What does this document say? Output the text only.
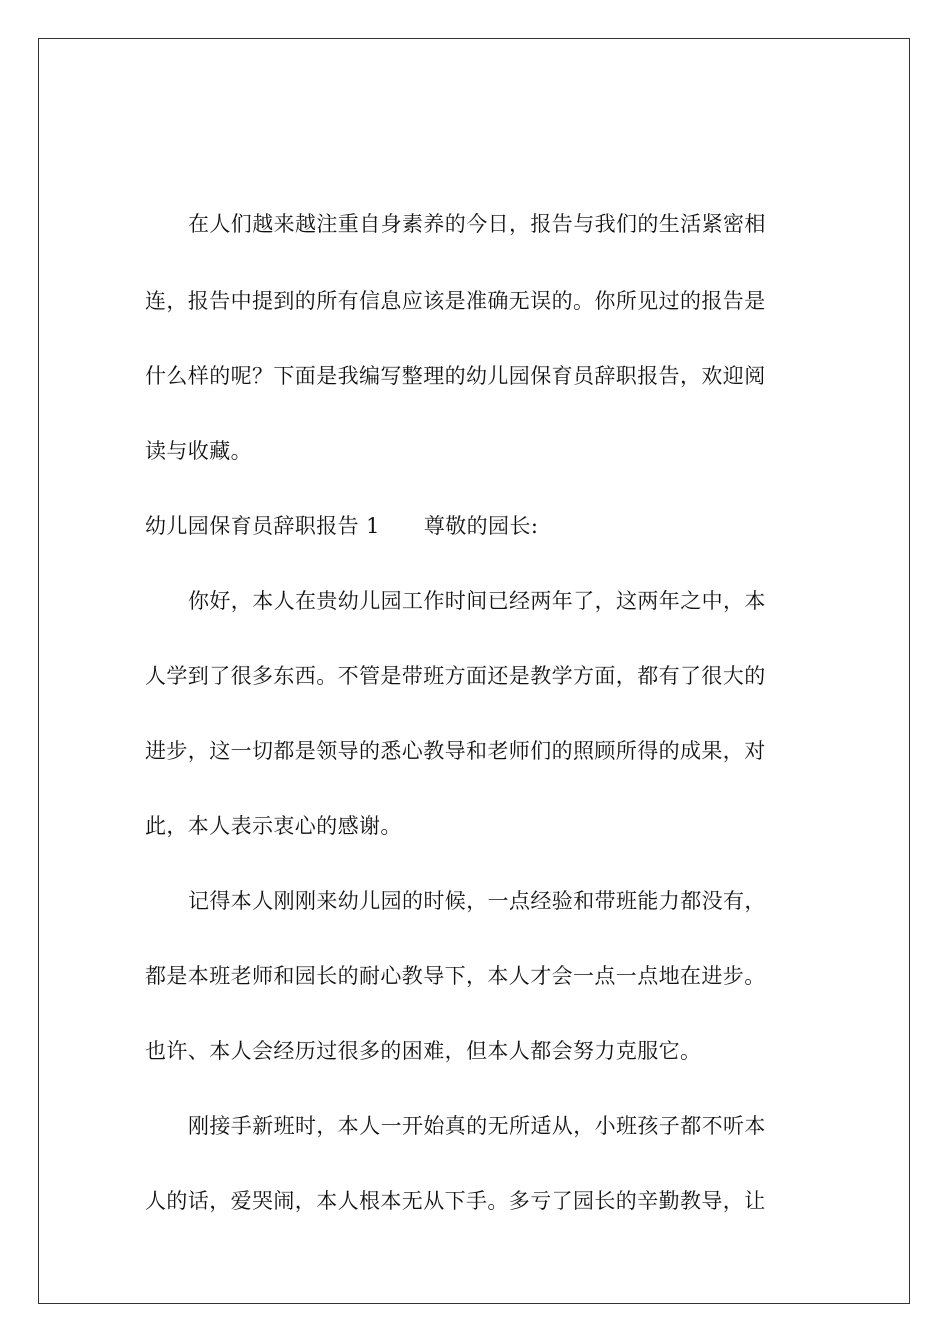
在人们越来越注重自身素养的今日，报告与我们的生活紧密相
连，报告中提到的所有信息应该是准确无误的。你所见过的报告是
什么样的呢？下面是我编写整理的幼儿园保育员辞职报告，欢迎阅
读与收藏。
幼儿园保育员辞职报告 1 尊敬的园长:
你好，本人在贵幼儿园工作时间已经两年了，这两年之中，本
人学到了很多东西。不管是带班方面还是教学方面，都有了很大的
进步，这一切都是领导的悉心教导和老师们的照顾所得的成果，对
此，本人表示衷心的感谢。
记得本人刚刚来幼儿园的时候，一点经验和带班能力都没有，
都是本班老师和园长的耐心教导下，本人才会一点一点地在进步。
也许、本人会经历过很多的困难，但本人都会努力克服它。
刚接手新班时，本人一开始真的无所适从，小班孩子都不听本
人的话，爱哭闹，本人根本无从下手。多亏了园长的辛勤教导，让
